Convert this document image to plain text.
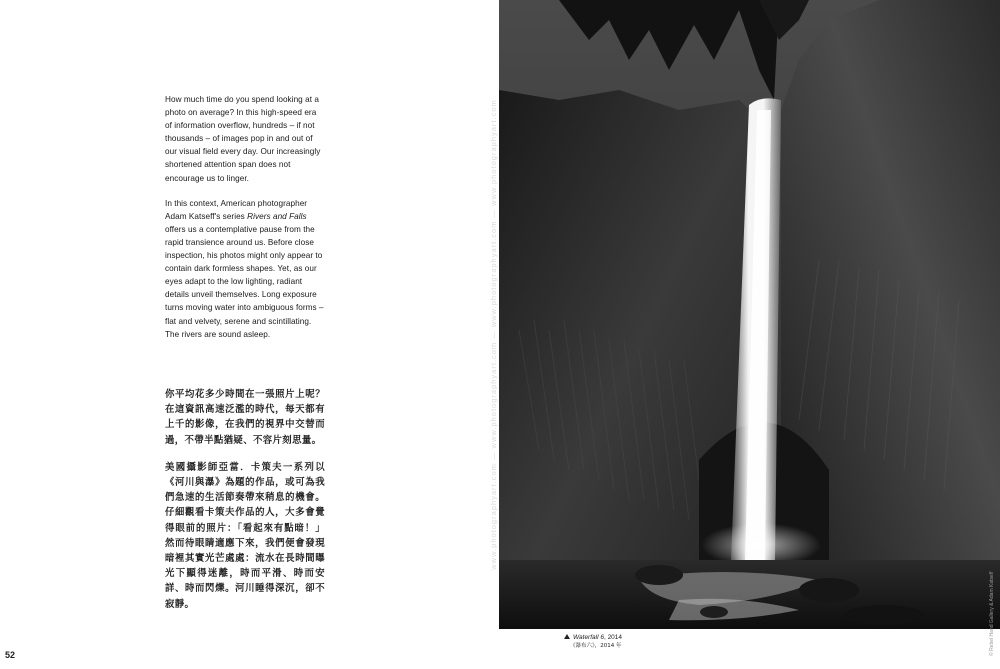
How much time do you spend looking at a photo on average? In this high-speed era of information overflow, hundreds – if not thousands – of images pop in and out of our visual field every day. Our increasingly shortened attention span does not encourage us to linger.

In this context, American photographer Adam Katseff's series Rivers and Falls offers us a contemplative pause from the rapid transience around us. Before close inspection, his photos might only appear to contain dark formless shapes. Yet, as our eyes adapt to the low lighting, radiant details unveil themselves. Long exposure turns moving water into ambiguous forms – flat and velvety, serene and scintillating. The rivers are sound asleep.

你平均花多少時間在一張照片上呢？在這資訊高速泛濫的時代，每天都有上千的影像，在我們的視界中交替而過，不帶半點猶疑、不容片刻思量。

美國攝影師亞當．卡策夫一系列以《河川與瀑》為題的作品，或可為我們急速的生活節奏帶來稍息的機會。仔細觀看卡策夫作品的人，大多會覺得眼前的照片：「看起來有點暗！」然而待眼睛適應下來，我們便會發現暗裡其實光芒處處：流水在長時間曝光下顯得迷離，時而平滑、時而安詳、時而閃爍。河川睡得深沉，卻不寂靜。

52
www.photographyart.com — www.photographyart.com — www.photographyart.com — www.photographyart.com
© Rebel Hand Gallery & Adam Katseff
Waterfall 6, 2014
《瀑布六》，2014 年
